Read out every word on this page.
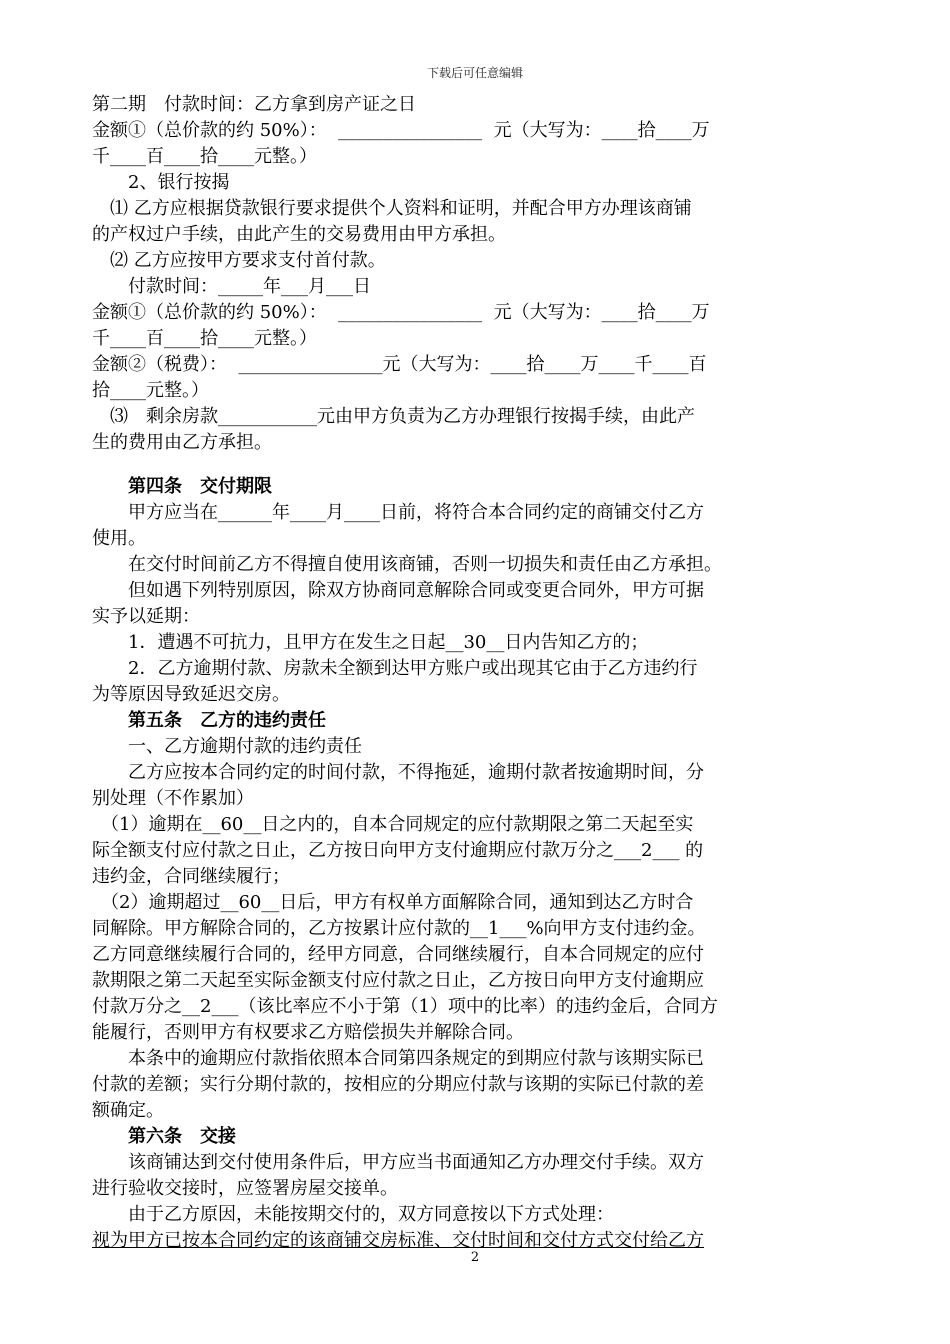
下载后可任意编辑
第二期　付款时间：乙方拿到房产证之日
金额①（总价款的约 50%）：  ________________  元（大写为：____拾____万
千____百____拾____元整。）
　　2、银行按揭
　⑴ 乙方应根据贷款银行要求提供个人资料和证明，并配合甲方办理该商铺
的产权过户手续，由此产生的交易费用由甲方承担。
　⑵ 乙方应按甲方要求支付首付款。
　　付款时间：_____年___月___日
金额①（总价款的约 50%）：  ________________  元（大写为：____拾____万
千____百____拾____元整。）
金额②（税费）：  ________________元（大写为：____拾____万____千____百
拾____元整。）
　⑶　剩余房款___________元由甲方负责为乙方办理银行按揭手续，由此产
生的费用由乙方承担。
　　第四条　交付期限
　　甲方应当在______年____月____日前，将符合本合同约定的商铺交付乙方
使用。
　　在交付时间前乙方不得擅自使用该商铺，否则一切损失和责任由乙方承担。
　　但如遇下列特别原因，除双方协商同意解除合同或变更合同外，甲方可据
实予以延期：
　　1．遭遇不可抗力，且甲方在发生之日起__30__日内告知乙方的；
　　2．乙方逾期付款、房款未全额到达甲方账户或出现其它由于乙方违约行
为等原因导致延迟交房。
　　第五条　乙方的违约责任
　　一、乙方逾期付款的违约责任
　　乙方应按本合同约定的时间付款，不得拖延，逾期付款者按逾期时间，分
别处理（不作累加）
　（1）逾期在__60__日之内的，自本合同规定的应付款期限之第二天起至实
际全额支付应付款之日止，乙方按日向甲方支付逾期应付款万分之___2___ 的
违约金，合同继续履行；
　（2）逾期超过__60__日后，甲方有权单方面解除合同，通知到达乙方时合
同解除。甲方解除合同的，乙方按累计应付款的__1___%向甲方支付违约金。
乙方同意继续履行合同的，经甲方同意，合同继续履行，自本合同规定的应付
款期限之第二天起至实际金额支付应付款之日止，乙方按日向甲方支付逾期应
付款万分之__2___（该比率应不小于第（1）项中的比率）的违约金后，合同方
能履行，否则甲方有权要求乙方赔偿损失并解除合同。
　　本条中的逾期应付款指依照本合同第四条规定的到期应付款与该期实际已
付款的差额；实行分期付款的，按相应的分期应付款与该期的实际已付款的差
额确定。
　　第六条　交接
　　该商铺达到交付使用条件后，甲方应当书面通知乙方办理交付手续。双方
进行验收交接时，应签署房屋交接单。
　　由于乙方原因，未能按期交付的，双方同意按以下方式处理：
视为甲方已按本合同约定的该商铺交房标准、交付时间和交付方式交付给乙方
2
